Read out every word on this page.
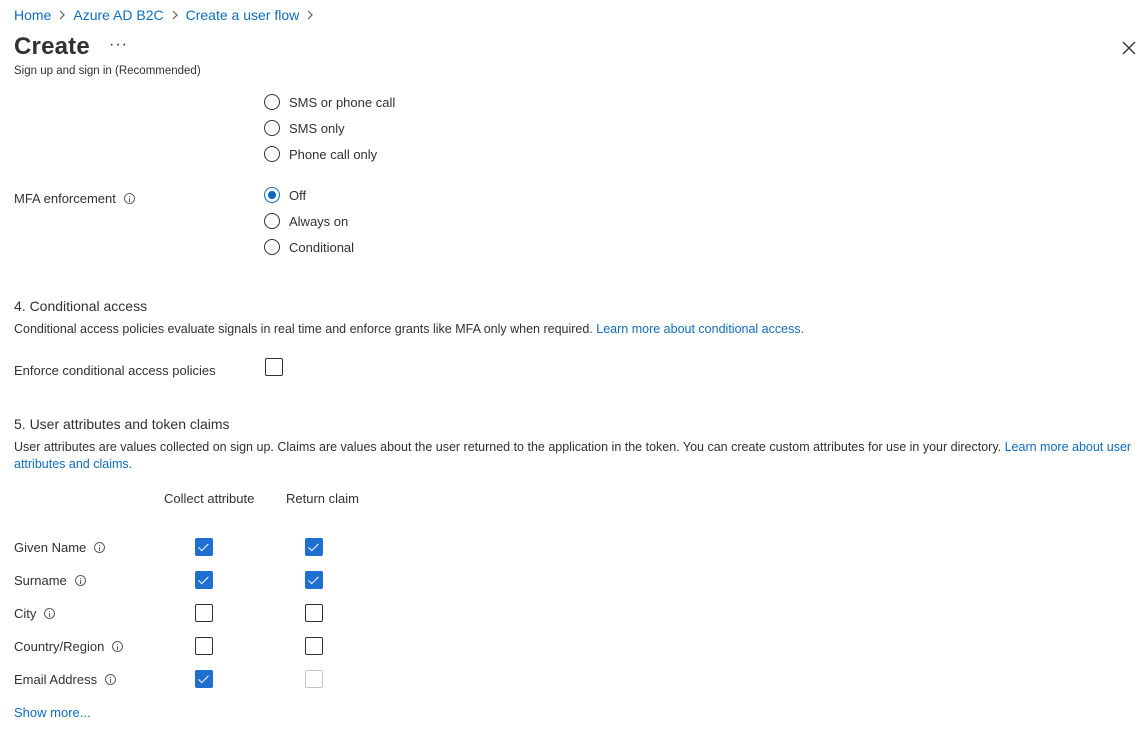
Home Azure AD B2C Create a user flow
Create ···
Sign up and sign in (Recommended)
SMS or phone call
SMS only
Phone call only
MFA enforcement	Off
Always on
Conditional
4. Conditional access
Conditional access policies evaluate signals in real time and enforce grants like MFA only when required. Learn more about conditional access.
Enforce conditional access policies
5. User attributes and token claims
User attributes are values collected on sign up. Claims are values about the user returned to the application in the token. You can create custom attributes for use in your directory. Learn more about user attributes and claims.
Collect attribute Return claim
Given Name
Surname
City
Country/Region
Email Address
Show more...
